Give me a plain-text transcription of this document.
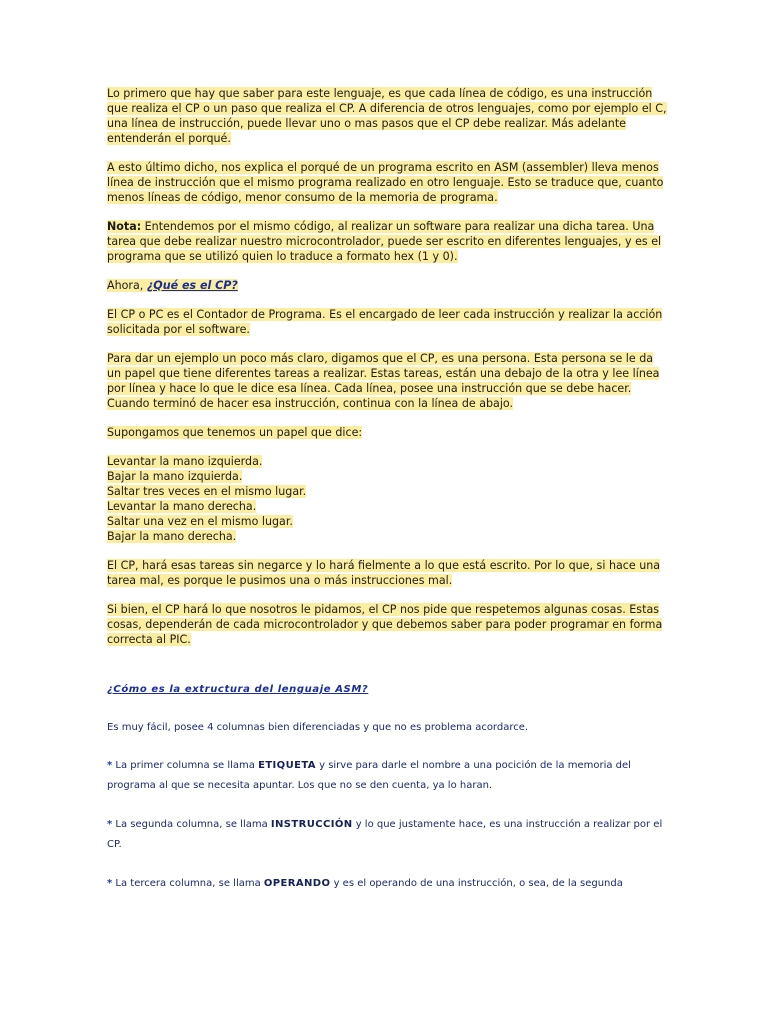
Lo primero que hay que saber para este lenguaje, es que cada línea de código, es una instrucción que realiza el CP o un paso que realiza el CP. A diferencia de otros lenguajes, como por ejemplo el C, una línea de instrucción, puede llevar uno o mas pasos que el CP debe realizar. Más adelante entenderán el porqué.

A esto último dicho, nos explica el porqué de un programa escrito en ASM (assembler) lleva menos línea de instrucción que el mismo programa realizado en otro lenguaje. Esto se traduce que, cuanto menos líneas de código, menor consumo de la memoria de programa.

Nota: Entendemos por el mismo código, al realizar un software para realizar una dicha tarea. Una tarea que debe realizar nuestro microcontrolador, puede ser escrito en diferentes lenguajes, y es el programa que se utilizó quien lo traduce a formato hex (1 y 0).

Ahora, ¿Qué es el CP?

El CP o PC es el Contador de Programa. Es el encargado de leer cada instrucción y realizar la acción solicitada por el software.

Para dar un ejemplo un poco más claro, digamos que el CP, es una persona. Esta persona se le da un papel que tiene diferentes tareas a realizar. Estas tareas, están una debajo de la otra y lee línea por línea y hace lo que le dice esa línea. Cada línea, posee una instrucción que se debe hacer. Cuando terminó de hacer esa instrucción, continua con la línea de abajo.

Supongamos que tenemos un papel que dice:

Levantar la mano izquierda.
Bajar la mano izquierda.
Saltar tres veces en el mismo lugar.
Levantar la mano derecha.
Saltar una vez en el mismo lugar.
Bajar la mano derecha.

El CP, hará esas tareas sin negarce y lo hará fielmente a lo que está escrito. Por lo que, si hace una tarea mal, es porque le pusimos una o más instrucciones mal.

Si bien, el CP hará lo que nosotros le pidamos, el CP nos pide que respetemos algunas cosas. Estas cosas, dependerán de cada microcontrolador y que debemos saber para poder programar en forma correcta al PIC.

¿Cómo es la extructura del lenguaje ASM?

Es muy fácil, posee 4 columnas bien diferenciadas y que no es problema acordarce.

* La primer columna se llama ETIQUETA y sirve para darle el nombre a una pocición de la memoria del programa al que se necesita apuntar. Los que no se den cuenta, ya lo haran.

* La segunda columna, se llama INSTRUCCIÓN y lo que justamente hace, es una instrucción a realizar por el CP.

* La tercera columna, se llama OPERANDO y es el operando de una instrucción, o sea, de la segunda
